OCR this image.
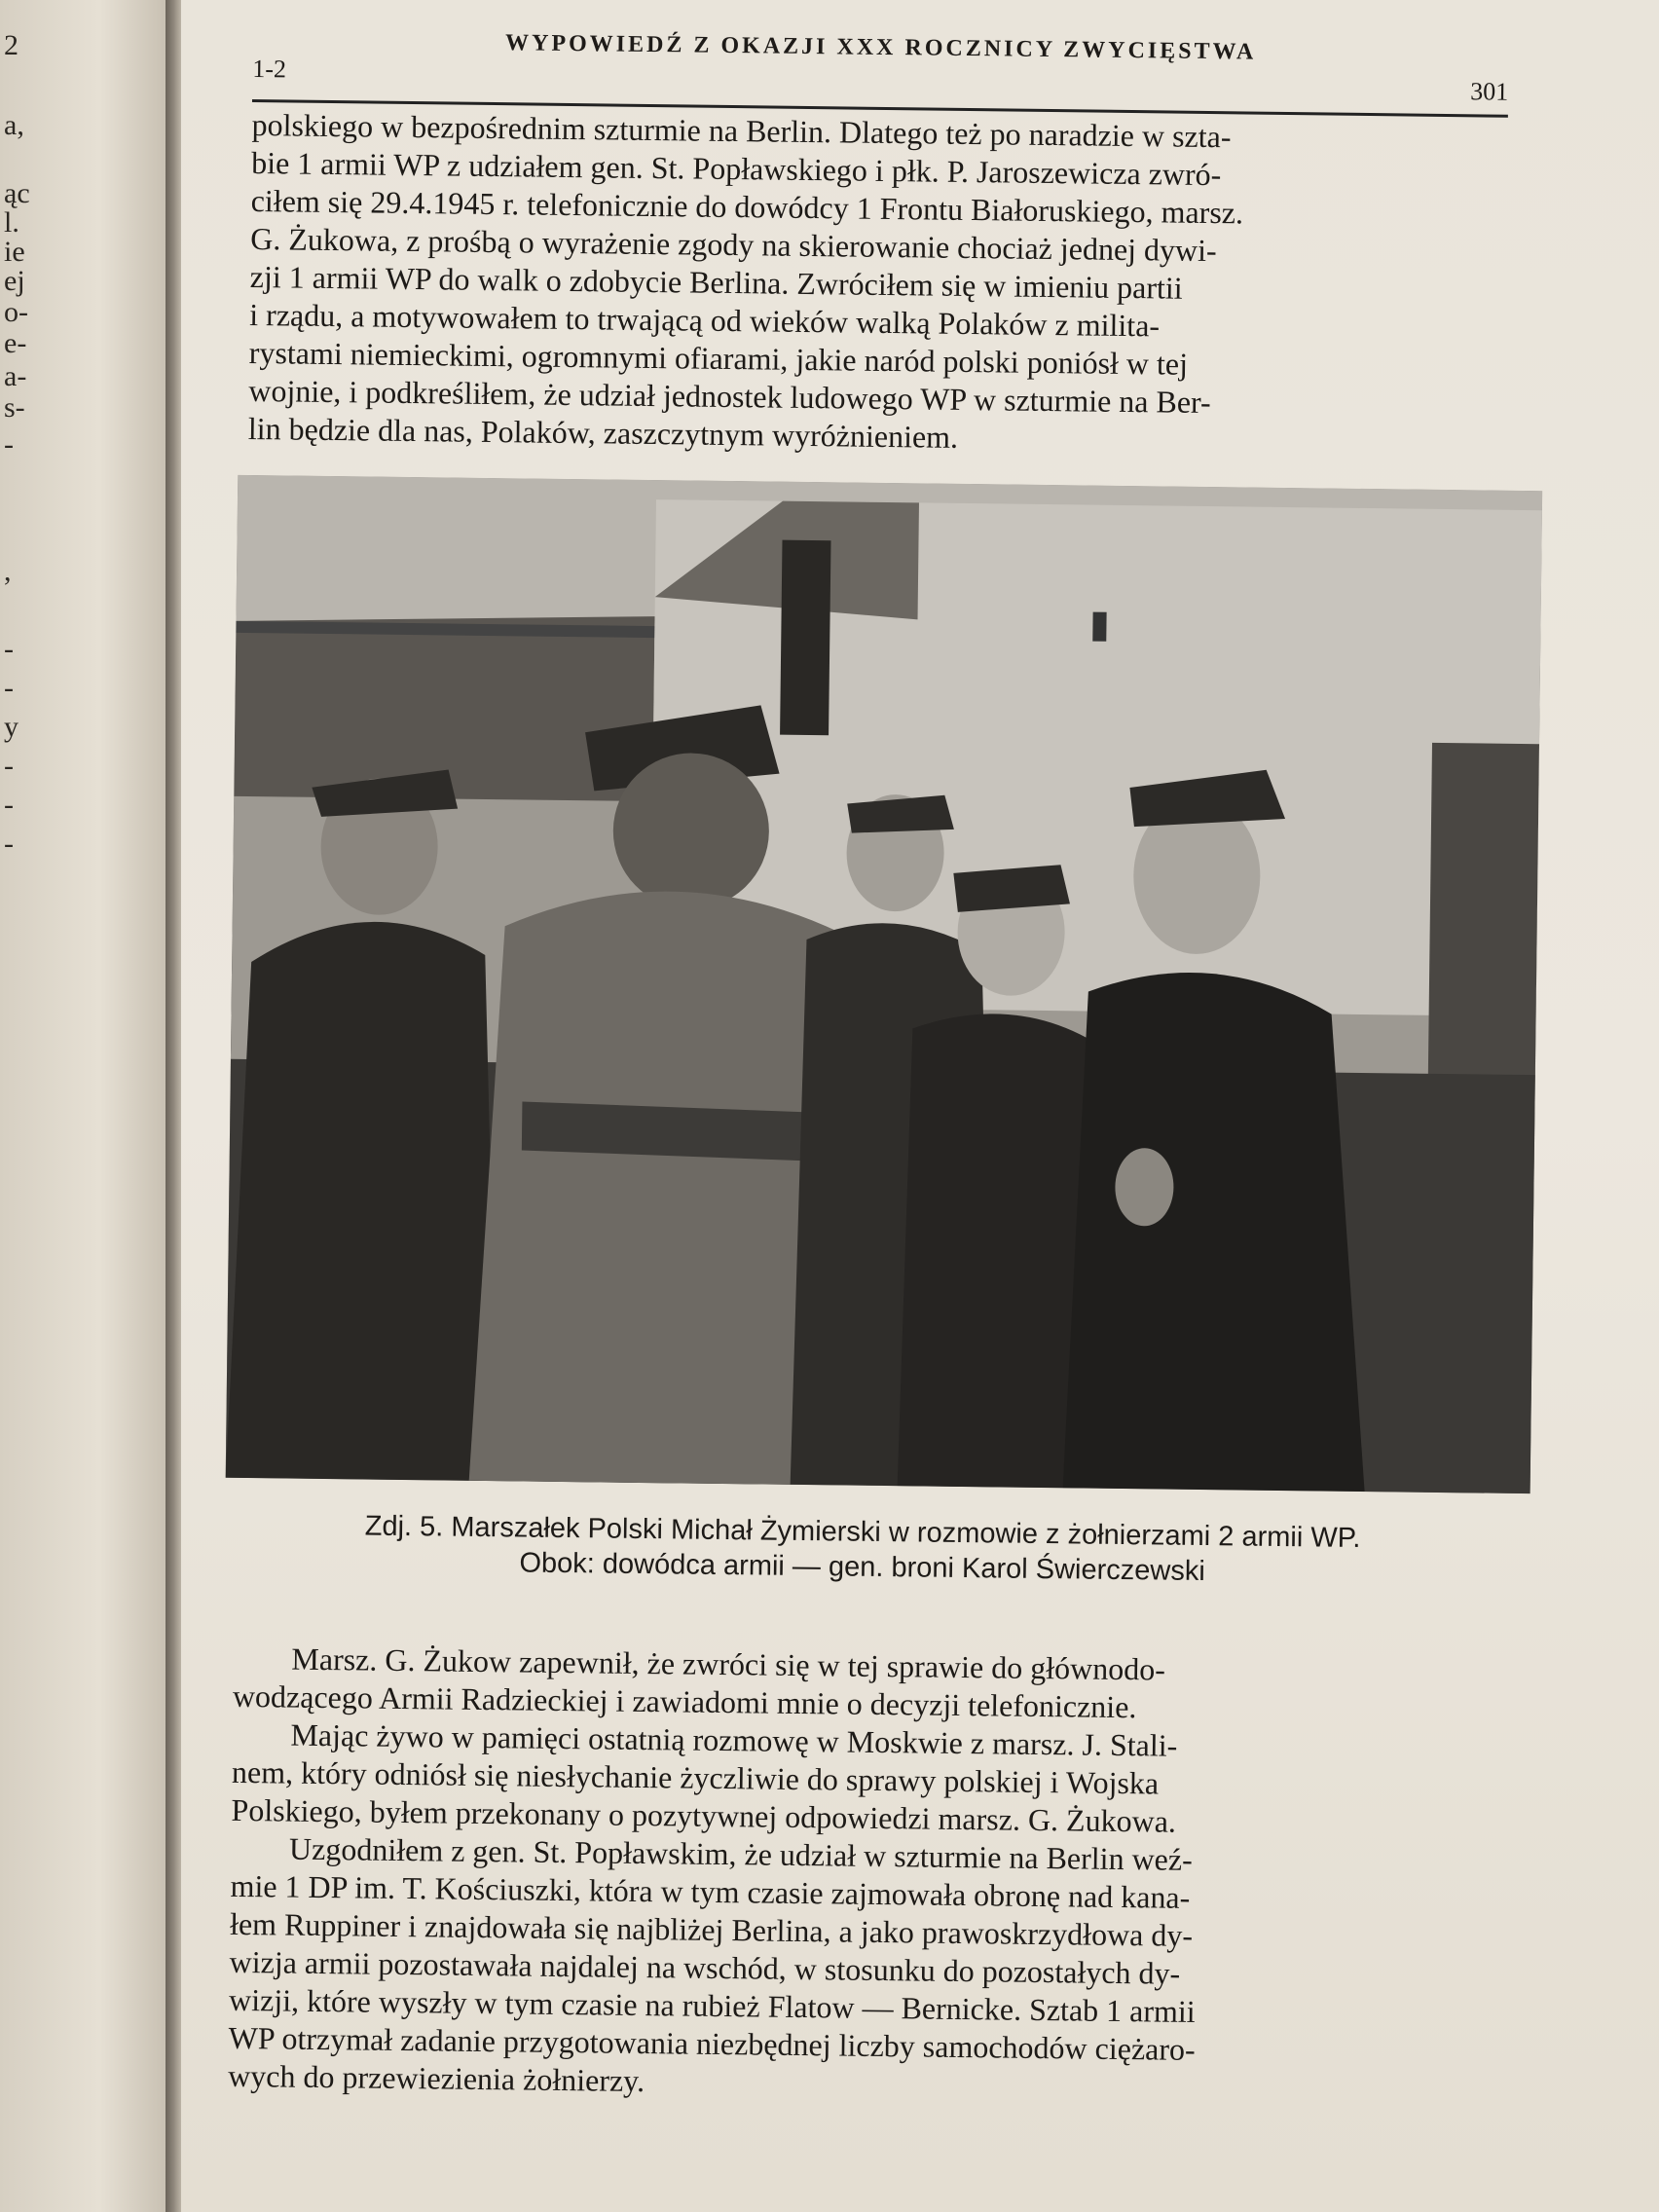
2
a,
ąc
l.
ie
ej
o-
e-
a-
s-
-
,
-
-
y
-
-
-
1-2
WYPOWIEDŹ Z OKAZJI XXX ROCZNICY ZWYCIĘSTWA
301

polskiego w bezpośrednim szturmie na Berlin. Dlatego też po naradzie w szta-
bie 1 armii WP z udziałem gen. St. Popławskiego i płk. P. Jaroszewicza zwró-
ciłem się 29.4.1945 r. telefonicznie do dowódcy 1 Frontu Białoruskiego, marsz.
G. Żukowa, z prośbą o wyrażenie zgody na skierowanie chociaż jednej dywi-
zji 1 armii WP do walk o zdobycie Berlina. Zwróciłem się w imieniu partii
i rządu, a motywowałem to trwającą od wieków walką Polaków z milita-
rystami niemieckimi, ogromnymi ofiarami, jakie naród polski poniósł w tej
wojnie, i podkreśliłem, że udział jednostek ludowego WP w szturmie na Ber-
lin będzie dla nas, Polaków, zaszczytnym wyróżnieniem.

Zdj. 5. Marszałek Polski Michał Żymierski w rozmowie z żołnierzami 2 armii WP.
Obok: dowódca armii — gen. broni Karol Świerczewski

Marsz. G. Żukow zapewnił, że zwróci się w tej sprawie do głównodo-
wodzącego Armii Radzieckiej i zawiadomi mnie o decyzji telefonicznie.

Mając żywo w pamięci ostatnią rozmowę w Moskwie z marsz. J. Stali-
nem, który odniósł się niesłychanie życzliwie do sprawy polskiej i Wojska
Polskiego, byłem przekonany o pozytywnej odpowiedzi marsz. G. Żukowa.

Uzgodniłem z gen. St. Popławskim, że udział w szturmie na Berlin weź-
mie 1 DP im. T. Kościuszki, która w tym czasie zajmowała obronę nad kana-
łem Ruppiner i znajdowała się najbliżej Berlina, a jako prawoskrzydłowa dy-
wizja armii pozostawała najdalej na wschód, w stosunku do pozostałych dy-
wizji, które wyszły w tym czasie na rubież Flatow — Bernicke. Sztab 1 armii
WP otrzymał zadanie przygotowania niezbędnej liczby samochodów ciężaro-
wych do przewiezienia żołnierzy.
